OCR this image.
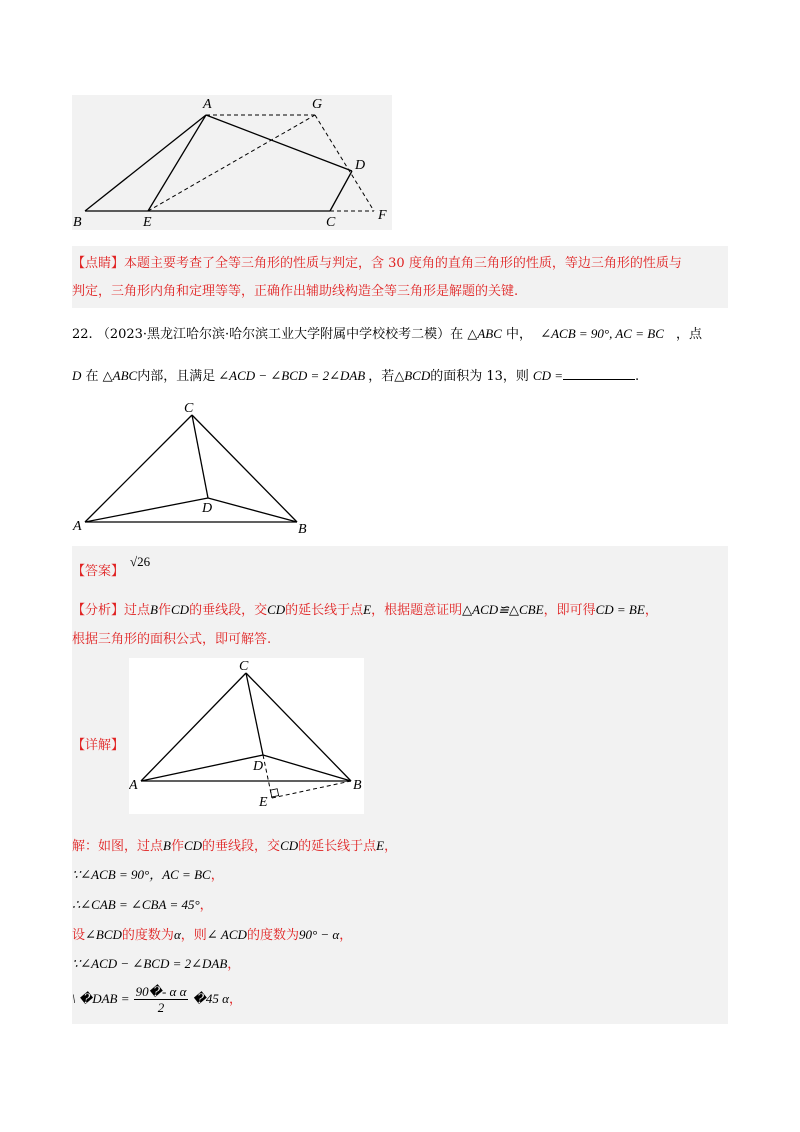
A	G
D
B	E	C	F
【点睛】本题主要考查了全等三角形的性质与判定，含 30 度角的直角三角形的性质，等边三角形的性质与
判定，三角形内角和定理等等，正确作出辅助线构造全等三角形是解题的关键.
22. （2023·黑龙江哈尔滨·哈尔滨工业大学附属中学校校考二模）在 △ABC 中， ∠ACB = 90°, AC = BC ，点
D 在 △ABC内部，且满足 ∠ACD − ∠BCD = 2∠DAB ，若△BCD的面积为 13，则 CD =	.
C
A
D
B
【答案】
√26
【分析】过点B作CD的垂线段，交CD的延长线于点E，根据题意证明△ACD≌△CBE，即可得CD = BE，
根据三角形的面积公式，即可解答.
【详解】
C
A
D
B
E
解：如图，过点B作CD的垂线段，交CD的延长线于点E，
∵∠ACB = 90°，AC = BC，
∴∠CAB = ∠CBA = 45°，
设∠BCD的度数为α，则∠ ACD的度数为90° − α，
∵∠ACD − ∠BCD = 2∠DAB，
\ �DAB = $\frac{\text{90�- α α}}{2}$ �45 α，
